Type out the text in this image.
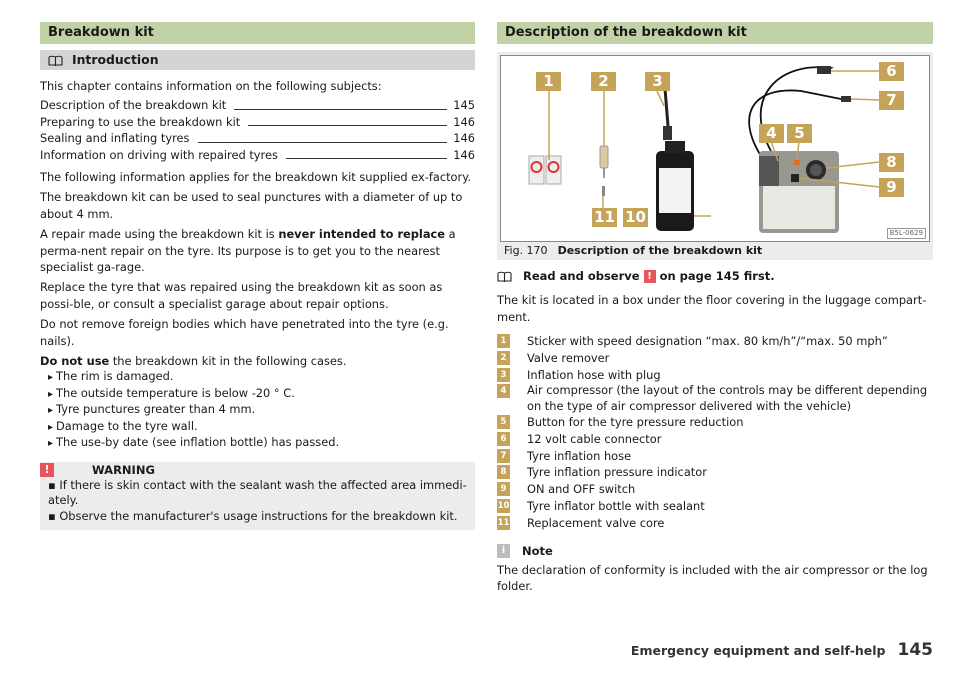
Breakdown kit
Introduction

This chapter contains information on the following subjects:

Description of the breakdown kit	145
Preparing to use the breakdown kit	146
Sealing and inflating tyres	146
Information on driving with repaired tyres	146

The following information applies for the breakdown kit supplied ex-factory.

The breakdown kit can be used to seal punctures with a diameter of up to about 4 mm.

A repair made using the breakdown kit is never intended to replace a perma-nent repair on the tyre. Its purpose is to get you to the nearest specialist ga-rage.

Replace the tyre that was repaired using the breakdown kit as soon as possi-ble, or consult a specialist garage about repair options.

Do not remove foreign bodies which have penetrated into the tyre (e.g. nails).

Do not use the breakdown kit in the following cases.

▸ The rim is damaged.
▸ The outside temperature is below -20 ° C.
▸ Tyre punctures greater than 4 mm.
▸ Damage to the tyre wall.
▸ The use-by date (see inflation bottle) has passed.
!	WARNING
▪ If there is skin contact with the sealant wash the affected area immedi-ately.
▪ Observe the manufacturer's usage instructions for the breakdown kit.
Description of the breakdown kit
1	2	3
4	5
6
7
8
9
10
11
B5L-0629
Fig. 170 Description of the breakdown kit
Read and observe ! on page 145 first.

The kit is located in a box under the floor covering in the luggage compart-ment.

1	Sticker with speed designation “max. 80 km/h”/“max. 50 mph”
2	Valve remover
3	Inflation hose with plug
4	Air compressor (the layout of the controls may be different depending on the type of air compressor delivered with the vehicle)
5	Button for the tyre pressure reduction
6	12 volt cable connector
7	Tyre inflation hose
8	Tyre inflation pressure indicator
9	ON and OFF switch
10 Tyre inflator bottle with sealant
11 Replacement valve core
i	Note

The declaration of conformity is included with the air compressor or the log folder.

Emergency equipment and self-help 145
